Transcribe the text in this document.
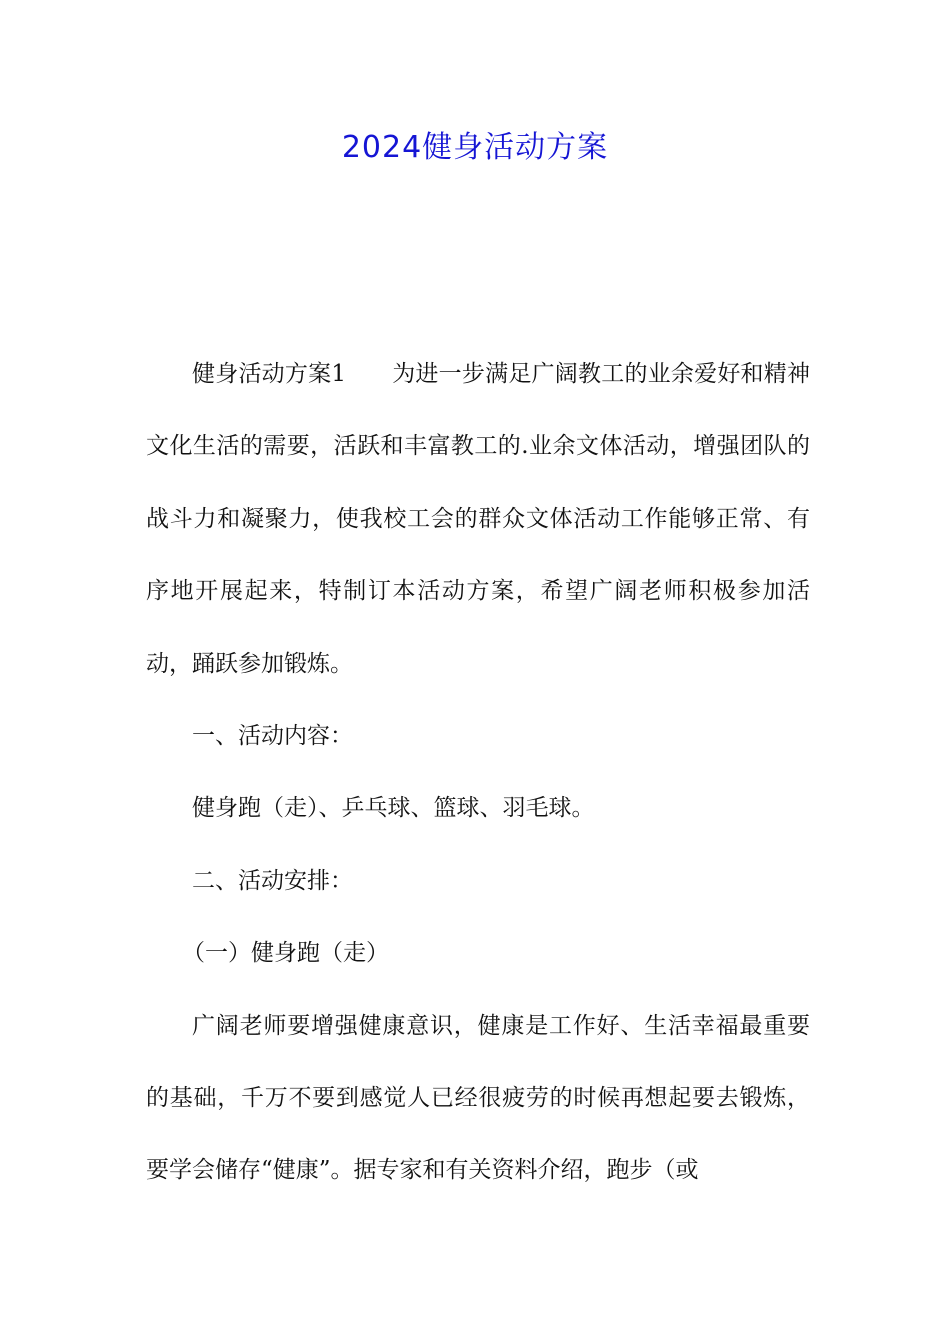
2024健身活动方案

健身活动方案1 为进一步满足广阔教工的业余爱好和精神文化生活的需要，活跃和丰富教工的.业余文体活动，增强团队的战斗力和凝聚力，使我校工会的群众文体活动工作能够正常、有序地开展起来，特制订本活动方案，希望广阔老师积极参加活动，踊跃参加锻炼。

一、活动内容：

健身跑（走）、乒乓球、篮球、羽毛球。

二、活动安排：

（一）健身跑（走）

广阔老师要增强健康意识，健康是工作好、生活幸福最重要的基础，千万不要到感觉人已经很疲劳的时候再想起要去锻炼，要学会储存“健康”。据专家和有关资料介绍，跑步（或
